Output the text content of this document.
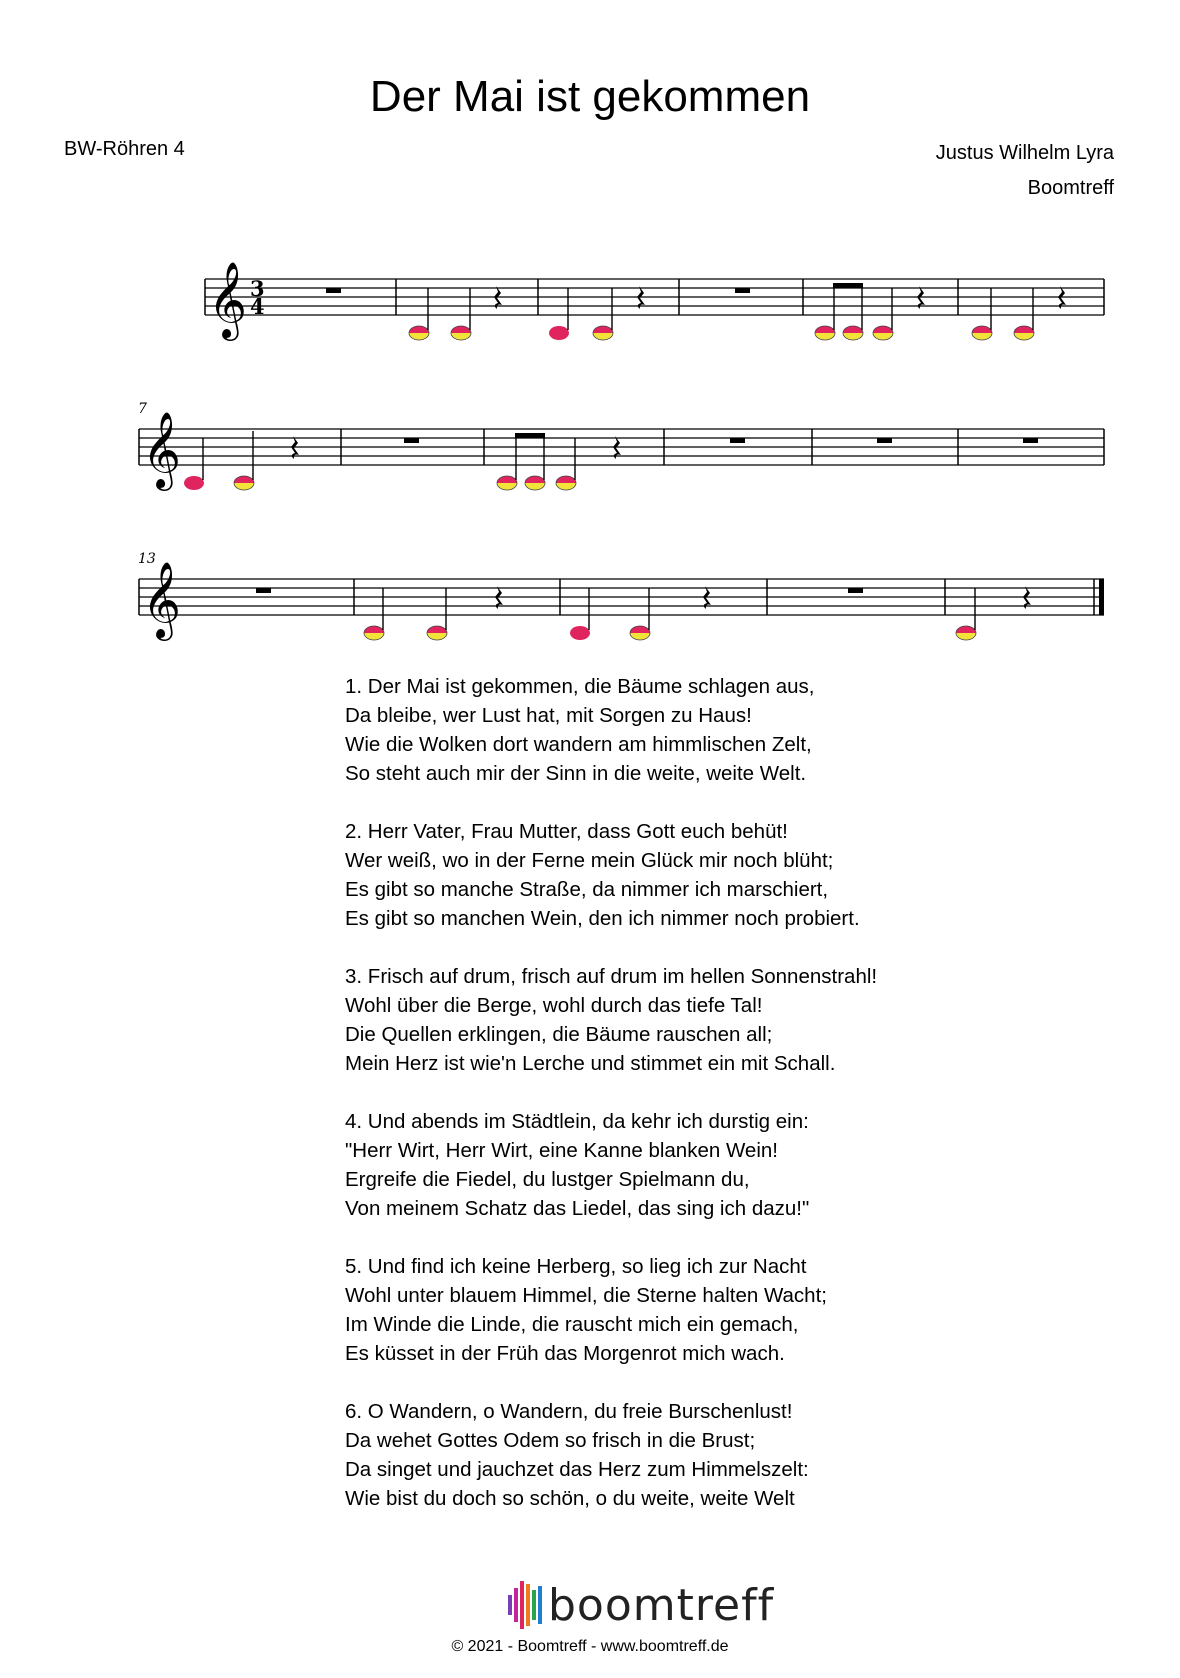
Der Mai ist gekommen
BW-Röhren 4	Justus Wilhelm Lyra
Boomtreff
𝄞 3
4
7
𝄞
13
𝄞
1. Der Mai ist gekommen, die Bäume schlagen aus,
Da bleibe, wer Lust hat, mit Sorgen zu Haus!
Wie die Wolken dort wandern am himmlischen Zelt,
So steht auch mir der Sinn in die weite, weite Welt.
2. Herr Vater, Frau Mutter, dass Gott euch behüt!
Wer weiß, wo in der Ferne mein Glück mir noch blüht;
Es gibt so manche Straße, da nimmer ich marschiert,
Es gibt so manchen Wein, den ich nimmer noch probiert.
3. Frisch auf drum, frisch auf drum im hellen Sonnenstrahl!
Wohl über die Berge, wohl durch das tiefe Tal!
Die Quellen erklingen, die Bäume rauschen all;
Mein Herz ist wie'n Lerche und stimmet ein mit Schall.
4. Und abends im Städtlein, da kehr ich durstig ein:
"Herr Wirt, Herr Wirt, eine Kanne blanken Wein!
Ergreife die Fiedel, du lustger Spielmann du,
Von meinem Schatz das Liedel, das sing ich dazu!"
5. Und find ich keine Herberg, so lieg ich zur Nacht
Wohl unter blauem Himmel, die Sterne halten Wacht;
Im Winde die Linde, die rauscht mich ein gemach,
Es küsset in der Früh das Morgenrot mich wach.
6. O Wandern, o Wandern, du freie Burschenlust!
Da wehet Gottes Odem so frisch in die Brust;
Da singet und jauchzet das Herz zum Himmelszelt:
Wie bist du doch so schön, o du weite, weite Welt
boomtreff
© 2021 - Boomtreff - www.boomtreff.de
